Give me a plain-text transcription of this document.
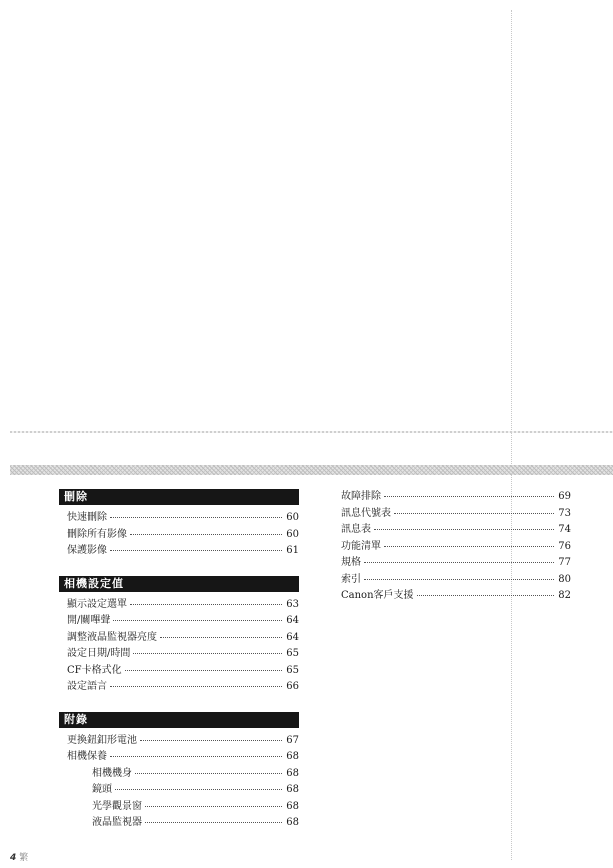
刪除
快速刪除	60
刪除所有影像	60
保護影像	61
相機設定值
顯示設定選單	63
開/關嗶聲	64
調整液晶監視器亮度	64
設定日期/時間	65
CF卡格式化	65
設定語言	66
附錄
更換鈕釦形電池	67
相機保養	68
相機機身	68
鏡頭	68
光學觀景窗	68
液晶監視器	68
故障排除	69
訊息代號表	73
訊息表	74
功能清單	76
規格	77
索引	80
Canon客戶支援	82
4 繁
